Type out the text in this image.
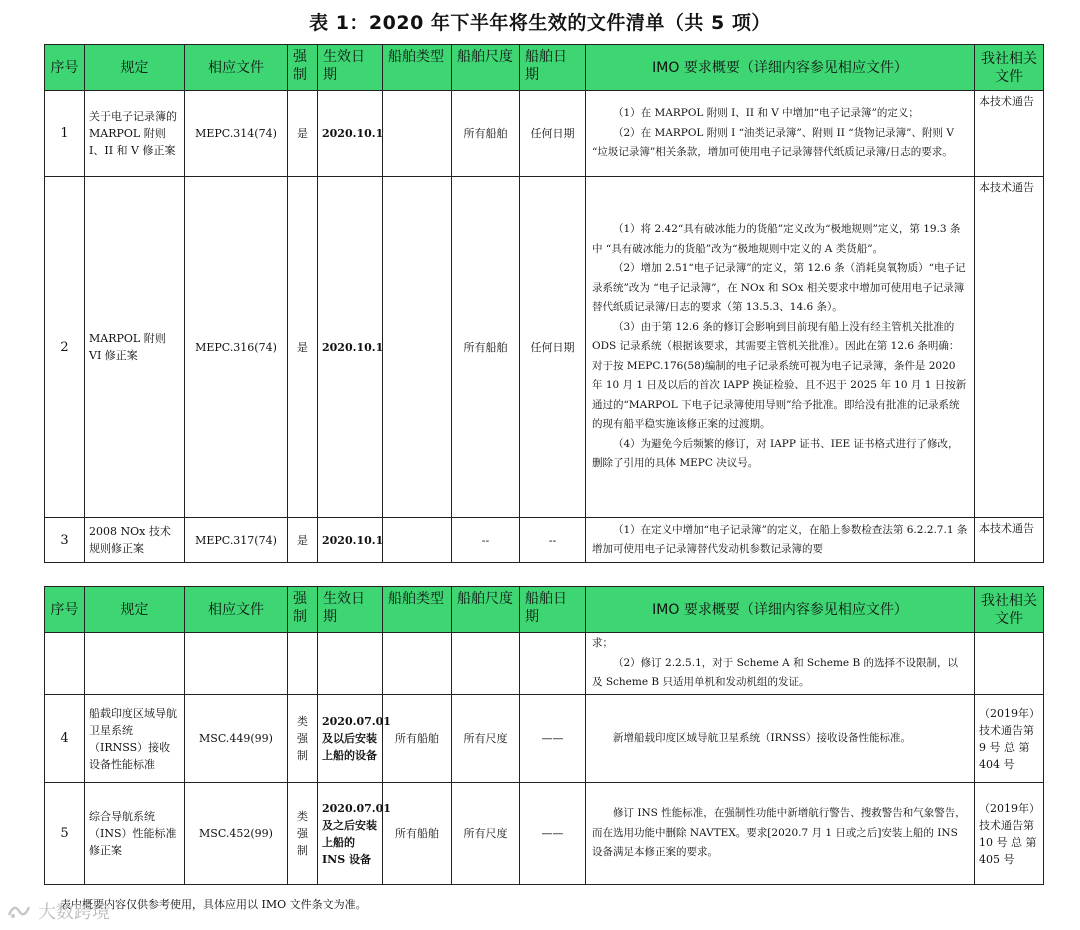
表 1：2020 年下半年将生效的文件清单（共 5 项）
序号	规定	相应文件	强制	生效日期	船舶类型	船舶尺度	船舶日期	IMO 要求概要（详细内容参见相应文件）	我社相关文件
1	关于电子记录簿的 MARPOL 附则 I、II 和 V 修正案	MEPC.314(74)	是	2020.10.1		所有船舶	任何日期	（1）在 MARPOL 附则 I、II 和 V 中增加“电子记录簿”的定义；

（2）在 MARPOL 附则 I “油类记录簿”、附则 II “货物记录簿”、附则 V “垃圾记录簿”相关条款，增加可使用电子记录簿替代纸质记录簿/日志的要求。	本技术通告
2	MARPOL 附则 VI 修正案	MEPC.316(74)	是	2020.10.1		所有船舶	任何日期	（1）将 2.42“具有破冰能力的货船”定义改为“极地规则”定义，第 19.3 条中 “具有破冰能力的货船”改为“极地规则中定义的 A 类货船”。

（2）增加 2.51“电子记录簿”的定义，第 12.6 条（消耗臭氧物质）“电子记录系统”改为 “电子记录簿”，在 NOx 和 SOx 相关要求中增加可使用电子记录簿替代纸质记录簿/日志的要求（第 13.5.3、14.6 条）。

（3）由于第 12.6 条的修订会影响到目前现有船上没有经主管机关批准的 ODS 记录系统（根据该要求，其需要主管机关批准）。因此在第 12.6 条明确：对于按 MEPC.176(58)编制的电子记录系统可视为电子记录簿，条件是 2020 年 10 月 1 日及以后的首次 IAPP 换证检验、且不迟于 2025 年 10 月 1 日按新通过的“MARPOL 下电子记录簿使用导则”给予批准。即给没有批准的记录系统的现有船平稳实施该修正案的过渡期。

（4）为避免今后频繁的修订，对 IAPP 证书、IEE 证书格式进行了修改，删除了引用的具体 MEPC 决议号。	本技术通告
3	2008 NOx 技术规则修正案	MEPC.317(74)	是	2020.10.1		--	--	（1）在定义中增加“电子记录簿”的定义，在船上参数检查法第 6.2.2.7.1 条增加可使用电子记录簿替代发动机参数记录簿的要	本技术通告
序号	规定	相应文件	强制	生效日期	船舶类型	船舶尺度	船舶日期	IMO 要求概要（详细内容参见相应文件）	我社相关文件

								求；

（2）修订 2.2.5.1，对于 Scheme A 和 Scheme B 的选择不设限制，以及 Scheme B 只适用单机和发动机组的发证。	

4	船载印度区域导航卫星系统（IRNSS）接收设备性能标准	MSC.449(99)	类强制	2020.07.01 及以后安装上船的设备	所有船舶	所有尺度	——	新增船载印度区域导航卫星系统（IRNSS）接收设备性能标准。	（2019年）技术通告第 9 号 总 第 404 号
5	综合导航系统（INS）性能标准修正案	MSC.452(99)	类强制	2020.07.01 及之后安装上船的 INS 设备	所有船舶	所有尺度	——	修订 INS 性能标准，在强制性功能中新增航行警告、搜救警告和气象警告，而在选用功能中删除 NAVTEX。要求[2020.7 月 1 日或之后]安装上船的 INS 设备满足本修正案的要求。	（2019年）技术通告第 10 号 总 第 405 号
表中概要内容仅供参考使用，具体应用以 IMO 文件条文为准。
大数跨境
